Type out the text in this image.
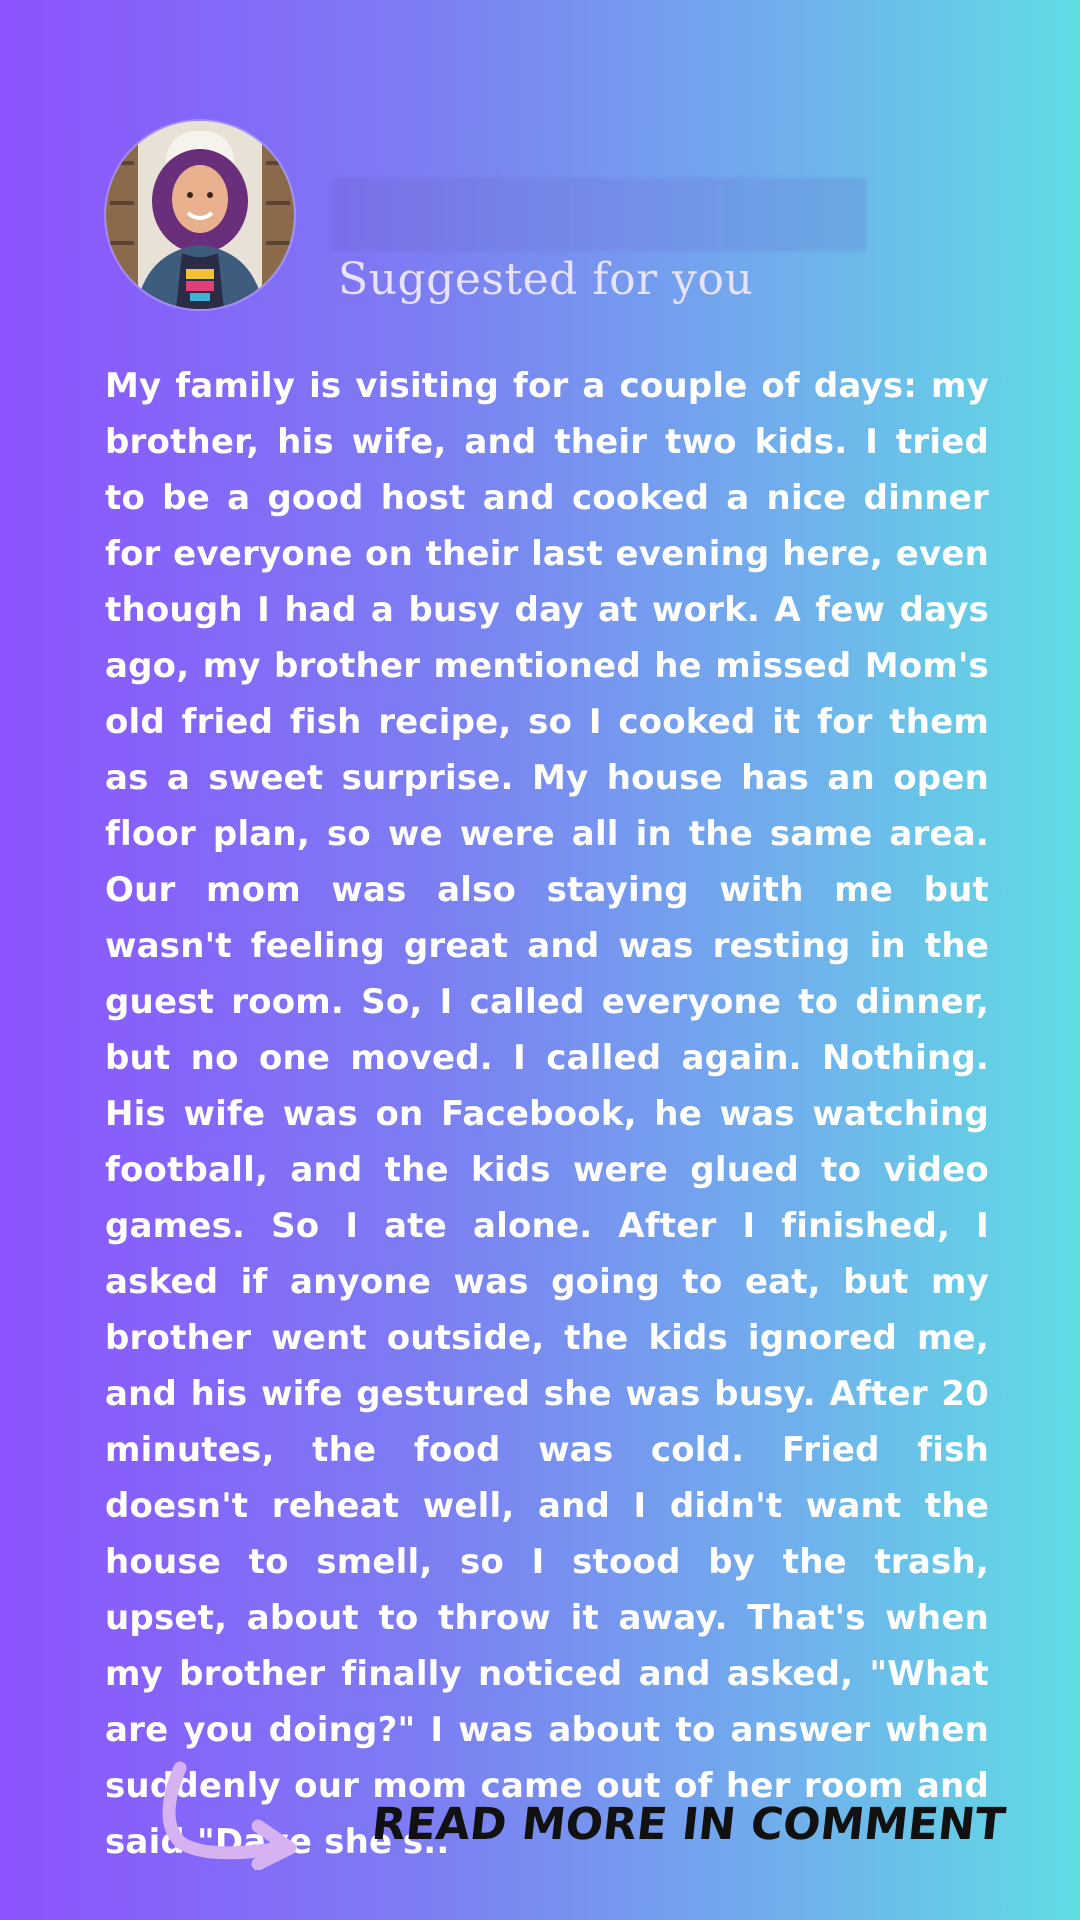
Suggested for you

My family is visiting for a couple of days: my brother, his wife, and their two kids. I tried to be a good host and cooked a nice dinner for everyone on their last evening here, even though I had a busy day at work. A few days ago, my brother mentioned he missed Mom's old fried fish recipe, so I cooked it for them as a sweet surprise. My house has an open floor plan, so we were all in the same area. Our mom was also staying with me but wasn't feeling great and was resting in the guest room. So, I called everyone to dinner, but no one moved. I called again. Nothing. His wife was on Facebook, he was watching football, and the kids were glued to video games. So I ate alone. After I finished, I asked if anyone was going to eat, but my brother went outside, the kids ignored me, and his wife gestured she was busy. After 20 minutes, the food was cold. Fried fish doesn't reheat well, and I didn't want the house to smell, so I stood by the trash, upset, about to throw it away. That's when my brother finally noticed and asked, "What are you doing?" I was about to answer when suddenly our mom came out of her room and said "Dave she's..

READ MORE IN COMMENT
